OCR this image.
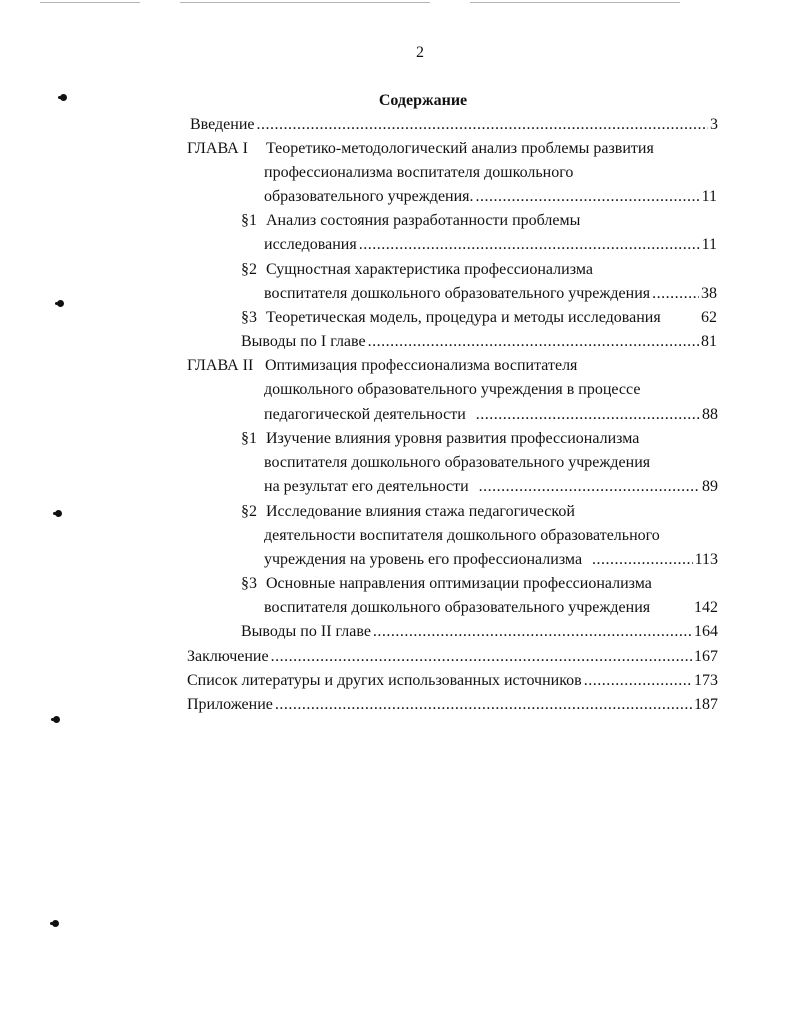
2
Содержание
Введение .....	3
ГЛАВА I Теоретико-методологический анализ проблемы развития
профессионализма воспитателя дошкольного
образовательного учреждения. .....	11
§1 Анализ состояния разработанности проблемы
исследования .....	11
§2 Сущностная характеристика профессионализма
воспитателя дошкольного образовательного учреждения .....	38
§3 Теоретическая модель, процедура и методы исследования	62
Выводы по I главе .....	81
ГЛАВА II Оптимизация профессионализма воспитателя
дошкольного образовательного учреждения в процессе
педагогической деятельности .....	88
§1 Изучение влияния уровня развития профессионализма
воспитателя дошкольного образовательного учреждения
на результат его деятельности .....	89
§2 Исследование влияния стажа педагогической
деятельности воспитателя дошкольного образовательного
учреждения на уровень его профессионализма .....	113
§3 Основные направления оптимизации профессионализма
воспитателя дошкольного образовательного учреждения	142
Выводы по II главе .....	164
Заключение .....	167
Список литературы и других использованных источников .....	173
Приложение .....	187
